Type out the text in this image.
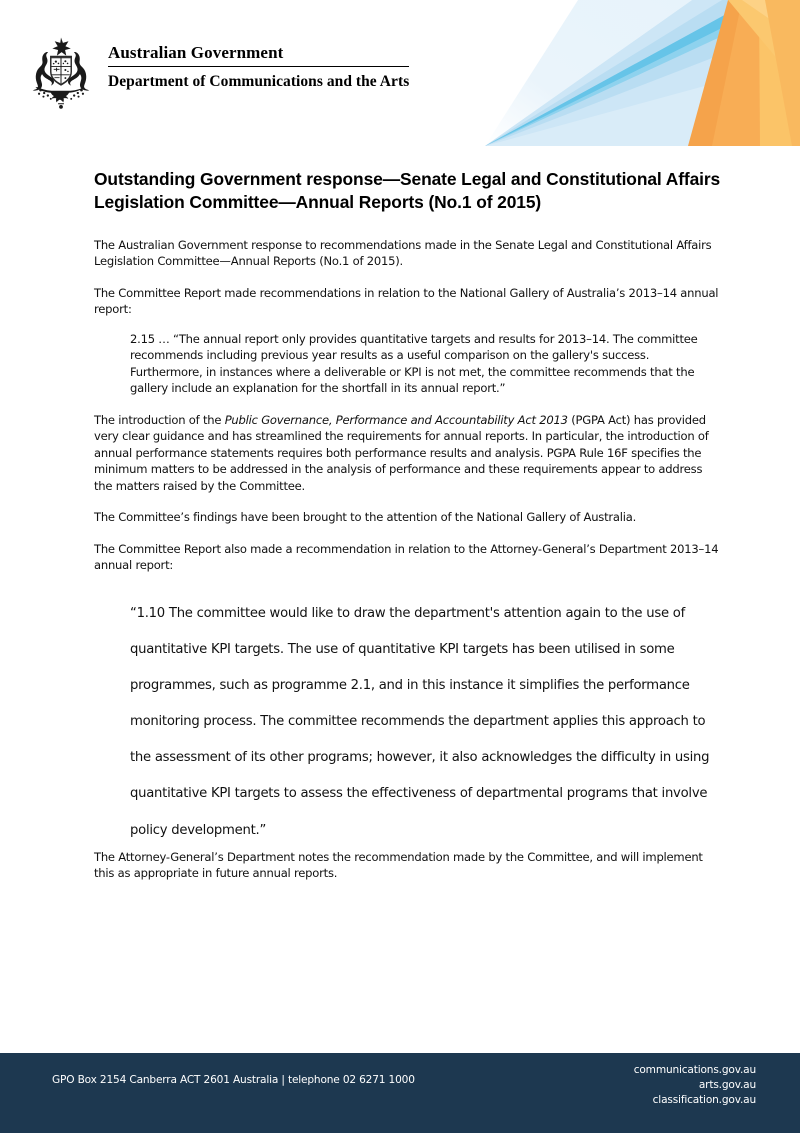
Australian Government
Department of Communications and the Arts
Outstanding Government response—Senate Legal and Constitutional Affairs Legislation Committee—Annual Reports (No.1 of 2015)

The Australian Government response to recommendations made in the Senate Legal and Constitutional Affairs Legislation Committee—Annual Reports (No.1 of 2015).

The Committee Report made recommendations in relation to the National Gallery of Australia’s 2013–14 annual report:

2.15 … “The annual report only provides quantitative targets and results for 2013–14. The committee recommends including previous year results as a useful comparison on the gallery's success. Furthermore, in instances where a deliverable or KPI is not met, the committee recommends that the gallery include an explanation for the shortfall in its annual report.”

The introduction of the Public Governance, Performance and Accountability Act 2013 (PGPA Act) has provided very clear guidance and has streamlined the requirements for annual reports. In particular, the introduction of annual performance statements requires both performance results and analysis. PGPA Rule 16F specifies the minimum matters to be addressed in the analysis of performance and these requirements appear to address the matters raised by the Committee.

The Committee’s findings have been brought to the attention of the National Gallery of Australia.

The Committee Report also made a recommendation in relation to the Attorney-General’s Department 2013–14 annual report:

“1.10 The committee would like to draw the department's attention again to the use of quantitative KPI targets. The use of quantitative KPI targets has been utilised in some programmes, such as programme 2.1, and in this instance it simplifies the performance monitoring process. The committee recommends the department applies this approach to the assessment of its other programs; however, it also acknowledges the difficulty in using quantitative KPI targets to assess the effectiveness of departmental programs that involve policy development.”

The Attorney-General’s Department notes the recommendation made by the Committee, and will implement this as appropriate in future annual reports.

GPO Box 2154 Canberra ACT 2601 Australia | telephone 02 6271 1000
communications.gov.au
arts.gov.au
classification.gov.au
